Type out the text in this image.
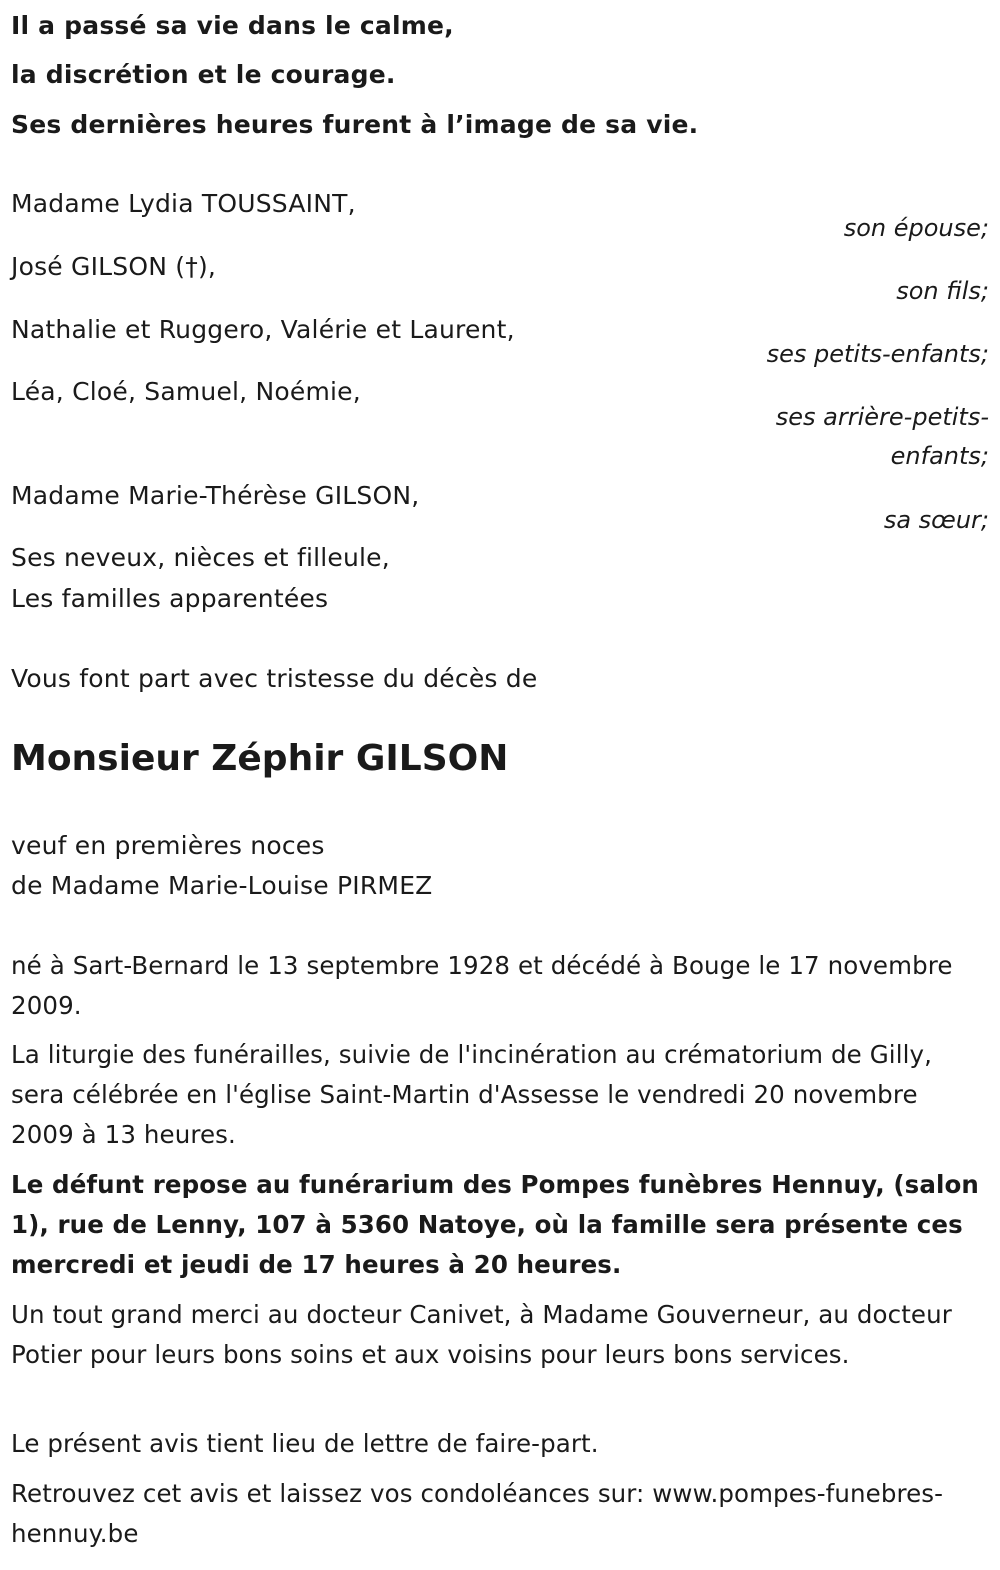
Il a passé sa vie dans le calme,
la discrétion et le courage.
Ses dernières heures furent à l’image de sa vie.
Madame Lydia TOUSSAINT,
son épouse;
José GILSON (†),
son fils;
Nathalie et Ruggero, Valérie et Laurent,
ses petits-enfants;
Léa, Cloé, Samuel, Noémie,
ses arrière-petits-
enfants;
Madame Marie-Thérèse GILSON,
sa sœur;
Ses neveux, nièces et filleule,
Les familles apparentées
Vous font part avec tristesse du décès de
Monsieur Zéphir GILSON
veuf en premières noces
de Madame Marie-Louise PIRMEZ
né à Sart-Bernard le 13 septembre 1928 et décédé à Bouge le 17 novembre 2009.
La liturgie des funérailles, suivie de l'incinération au crématorium de Gilly, sera célébrée en l'église Saint-Martin d'Assesse le vendredi 20 novembre 2009 à 13 heures.
Le défunt repose au funérarium des Pompes funèbres Hennuy, (salon 1), rue de Lenny, 107 à 5360 Natoye, où la famille sera présente ces mercredi et jeudi de 17 heures à 20 heures.
Un tout grand merci au docteur Canivet, à Madame Gouverneur, au docteur Potier pour leurs bons soins et aux voisins pour leurs bons services.
Le présent avis tient lieu de lettre de faire-part.
Retrouvez cet avis et laissez vos condoléances sur: www.pompes-funebres-hennuy.be
